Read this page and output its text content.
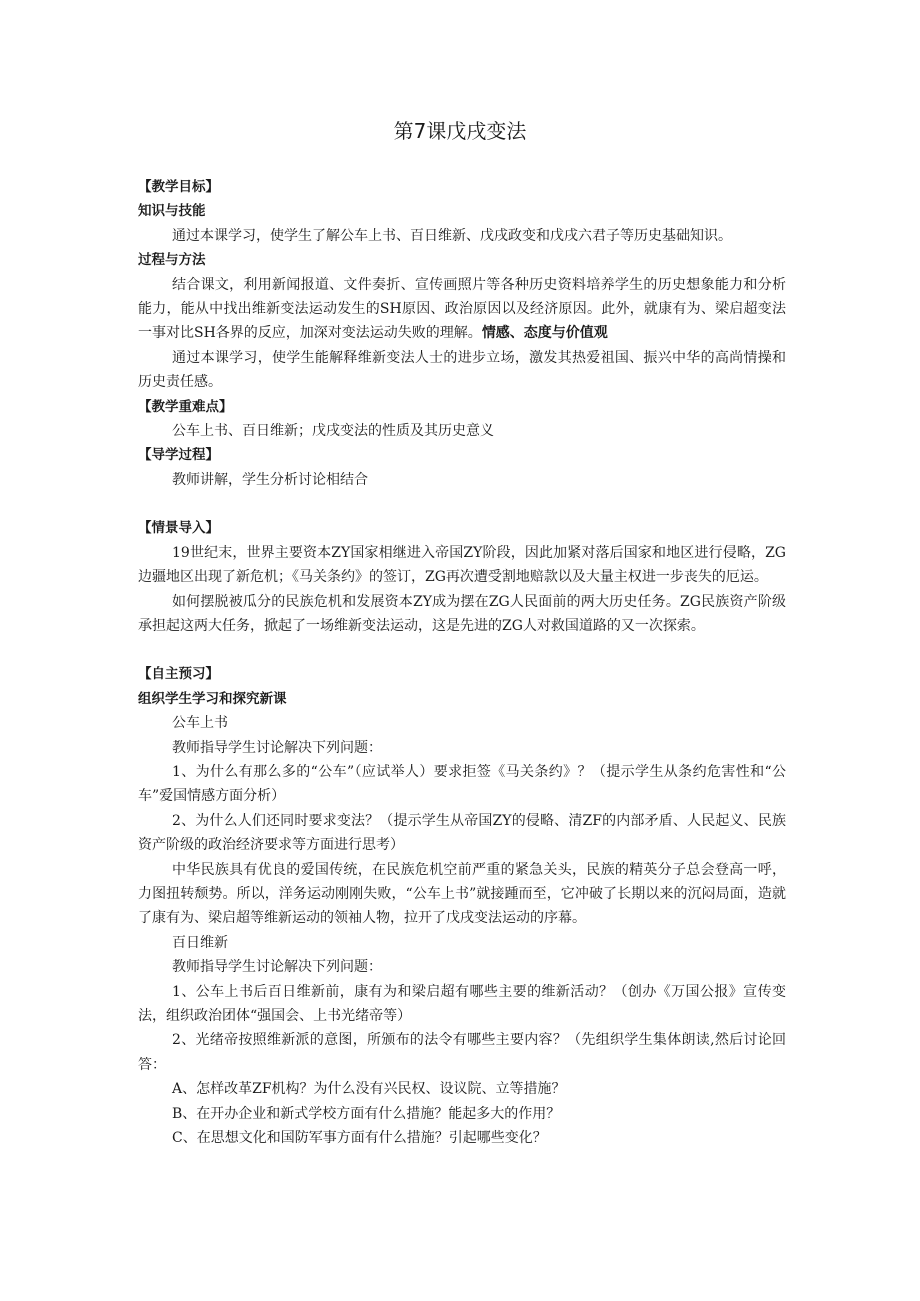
第7课戊戌变法

【教学目标】

知识与技能

通过本课学习，使学生了解公车上书、百日维新、戊戌政变和戊戌六君子等历史基础知识。

过程与方法

结合课文，利用新闻报道、文件奏折、宣传画照片等各种历史资料培养学生的历史想象能力和分析能力，能从中找出维新变法运动发生的SH原因、政治原因以及经济原因。此外，就康有为、梁启超变法一事对比SH各界的反应，加深对变法运动失败的理解。情感、态度与价值观

通过本课学习，使学生能解释维新变法人士的进步立场，激发其热爱祖国、振兴中华的高尚情操和历史责任感。

【教学重难点】

公车上书、百日维新；戊戌变法的性质及其历史意义

【导学过程】

教师讲解，学生分析讨论相结合

【情景导入】

19世纪末，世界主要资本ZY国家相继进入帝国ZY阶段，因此加紧对落后国家和地区进行侵略，ZG边疆地区出现了新危机；《马关条约》的签订，ZG再次遭受割地赔款以及大量主权进一步丧失的厄运。

如何摆脱被瓜分的民族危机和发展资本ZY成为摆在ZG人民面前的两大历史任务。ZG民族资产阶级承担起这两大任务，掀起了一场维新变法运动，这是先进的ZG人对救国道路的又一次探索。

【自主预习】

组织学生学习和探究新课

公车上书

教师指导学生讨论解决下列问题：

1、为什么有那么多的“公车”（应试举人）要求拒签《马关条约》？（提示学生从条约危害性和“公车”爱国情感方面分析）

2、为什么人们还同时要求变法？（提示学生从帝国ZY的侵略、清ZF的内部矛盾、人民起义、民族资产阶级的政治经济要求等方面进行思考）

中华民族具有优良的爱国传统，在民族危机空前严重的紧急关头，民族的精英分子总会登高一呼，力图扭转颓势。所以，洋务运动刚刚失败，“公车上书”就接踵而至，它冲破了长期以来的沉闷局面，造就了康有为、梁启超等维新运动的领袖人物，拉开了戊戌变法运动的序幕。

百日维新

教师指导学生讨论解决下列问题：

1、公车上书后百日维新前，康有为和梁启超有哪些主要的维新活动？（创办《万国公报》宣传变法，组织政治团体“强国会、上书光绪帝等）

2、光绪帝按照维新派的意图，所颁布的法令有哪些主要内容？（先组织学生集体朗读,然后讨论回答：

A、怎样改革ZF机构？为什么没有兴民权、设议院、立等措施？

B、在开办企业和新式学校方面有什么措施？能起多大的作用？

C、在思想文化和国防军事方面有什么措施？引起哪些变化？
